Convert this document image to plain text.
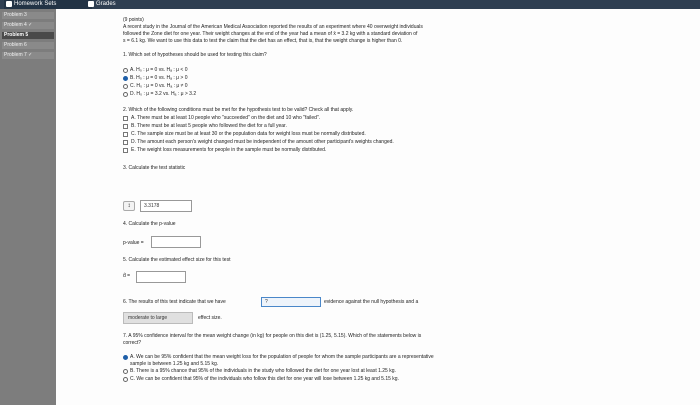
Homework Sets	Grades
Problem 3
Problem 4 ✓
Problem 5
Problem 6
Problem 7 ✓
(9 points)
A recent study in the Journal of the American Medical Association reported the results of an experiment where 40 overweight individuals
followed the Zone diet for one year. Their weight changes at the end of the year had a mean of x̄ = 3.2 kg with a standard deviation of
s = 6.1 kg. We want to use this data to test the claim that the diet has an effect, that is, that the weight change is higher than 0.
1. Which set of hypotheses should be used for testing this claim?
A. H₀ : μ = 0 vs. Hₐ : μ < 0
B. H₀ : μ = 0 vs. Hₐ : μ > 0
C. H₀ : μ = 0 vs. Hₐ : μ ≠ 0
D. H₀ : μ = 3.2 vs. Hₐ : μ > 3.2
2. Which of the following conditions must be met for the hypothesis test to be valid? Check all that apply.
A. There must be at least 10 people who "succeeded" on the diet and 10 who "failed".
B. There must be at least 5 people who followed the diet for a full year.
C. The sample size must be at least 30 or the population data for weight loss must be normally distributed.
D. The amount each person's weight changed must be independent of the amount other participant's weights changed.
E. The weight loss measurements for people in the sample must be normally distributed.
3. Calculate the test statistic
↕	3.3178
4. Calculate the p-value
p-value =
5. Calculate the estimated effect size for this test
d̂ =
6. The results of this test indicate that we have	?	evidence against the null hypothesis and a
moderate to large	effect size.
7. A 95% confidence interval for the mean weight change (in kg) for people on this diet is (1.25, 5.15). Which of the statements below is
correct?
A. We can be 95% confident that the mean weight loss for the population of people for whom the sample participants are a representative
sample is between 1.25 kg and 5.15 kg.
B. There is a 95% chance that 95% of the individuals in the study who followed the diet for one year lost at least 1.25 kg.
C. We can be confident that 95% of the individuals who follow this diet for one year will lose between 1.25 kg and 5.15 kg.
